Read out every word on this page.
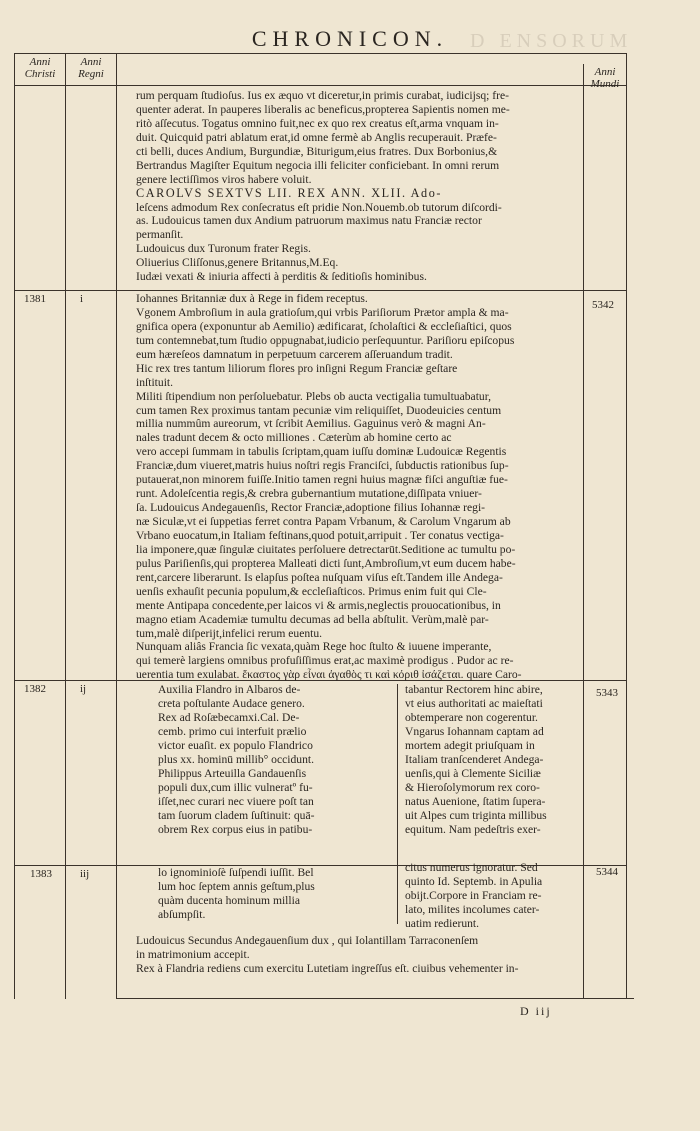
D ENSORUM
CHRONICON.
Anni
Christi
Anni
Regni	Anni
Mundi
rum perquam ſtudioſus. Ius ex æquo vt diceretur,in primis curabat, iudicijsq; fre-
quenter aderat. In pauperes liberalis ac beneficus,propterea Sapientis nomen me-
ritò aſſecutus. Togatus omnino fuit,nec ex quo rex creatus eſt,arma vnquam in-
duit. Quicquid patri ablatum erat,id omne fermè ab Anglis recuperauit. Præfe-
cti belli, duces Andium, Burgundiæ, Biturigum,eius fratres. Dux Borbonius,&
Bertrandus Magiſter Equitum negocia illi feliciter conficiebant. In omni rerum
genere lectiſſimos viros habere voluit.
CAROLVS SEXTVS LII. REX ANN. XLII. Ado-
leſcens admodum Rex conſecratus eſt pridie Non.Nouemb.ob tutorum diſcordi-
as. Ludouicus tamen dux Andium patruorum maximus natu Franciæ rector
permanſit.
Ludouicus dux Turonum frater Regis.
Oliuerius Cliſſonus,genere Britannus,M.Eq.
Iudæi vexati & iniuria affecti à perditis & ſeditioſis hominibus.
1381	i	5342
Iohannes Britanniæ dux à Rege in fidem receptus.
Vgonem Ambroſium in aula gratioſum,qui vrbis Pariſiorum Prætor ampla & ma-
gnifica opera (exponuntur ab Aemilio) ædificarat, ſcholaſtici & eccleſiaſtici, quos
tum contemnebat,tum ſtudio oppugnabat,iudicio perſequuntur. Pariſioru epiſcopus
eum hæreſeos damnatum in perpetuum carcerem aſſeruandum tradit.
Hic rex tres tantum liliorum flores pro inſigni Regum Franciæ geſtare
inſtituit.
Militi ſtipendium non perſoluebatur. Plebs ob aucta vectigalia tumultuabatur,
cum tamen Rex proximus tantam pecuniæ vim reliquiſſet, Duodeuicies centum
millia nummûm aureorum, vt ſcribit Aemilius. Gaguinus verò & magni An-
nales tradunt decem & octo milliones . Cæterùm ab homine certo ac
vero accepi ſummam in tabulis ſcriptam,quam iuſſu dominæ Ludouicæ Regentis
Franciæ,dum viueret,matris huius noſtri regis Franciſci, ſubductis rationibus ſup-
putauerat,non minorem fuiſſe.Initio tamen regni huius magnæ fiſci anguſtiæ fue-
runt. Adoleſcentia regis,& crebra gubernantium mutatione,diſſipata vniuer-
ſa. Ludouicus Andegauenſis, Rector Franciæ,adoptione filius Iohannæ regi-
næ Siculæ,vt ei ſuppetias ferret contra Papam Vrbanum, & Carolum Vngarum ab
Vrbano euocatum,in Italiam feſtinans,quod potuit,arripuit . Ter conatus vectiga-
lia imponere,quæ ſingulæ ciuitates perſoluere detrectarūt.Seditione ac tumultu po-
pulus Pariſienſis,qui propterea Malleati dicti ſunt,Ambroſium,vt eum ducem habe-
rent,carcere liberarunt. Is elapſus poſtea nuſquam viſus eſt.Tandem ille Andega-
uenſis exhauſit pecunia populum,& eccleſiaſticos. Primus enim fuit qui Cle-
mente Antipapa concedente,per laicos vi & armis,neglectis prouocationibus, in
magno etiam Academiæ tumultu decumas ad bella abſtulit. Verùm,malè par-
tum,malè diſperijt,infelici rerum euentu.
Nunquam aliâs Francia ſic vexata,quàm Rege hoc ſtulto & iuuene imperante,
qui temerè largiens omnibus profuſiſſimus erat,ac maximè prodigus . Pudor ac re-
uerentia tum exulabat. ἔκαστος γὰρ εἶναι ἀγαθὸς τι καὶ κόριθ ἰσάζεται. quare Caro-
1382	ij	5343
Auxilia Flandro in Albaros de-
creta poſtulante Audace genero.
Rex ad Roſæbecamxi.Cal. De-
cemb. primo cui interfuit prælio
victor euaſit. ex populo Flandrico
plus xx. hominū millib° occidunt.
Philippus Arteuilla Gandauenſis
populi dux,cum illic vulneratº fu-
iſſet,nec curari nec viuere poſt tan
tam ſuorum cladem ſuſtinuit: quā-
obrem Rex corpus eius in patibu-
tabantur Rectorem hinc abire,
vt eius authoritati ac maieſtati
obtemperare non cogerentur.
Vngarus Iohannam captam ad
mortem adegit priuſquam in
Italiam tranſcenderet Andega-
uenſis,qui à Clemente Siciliæ
& Hieroſolymorum rex coro-
natus Auenione, ſtatim ſupera-
uit Alpes cum triginta millibus
equitum. Nam pedeſtris exer-
1383	iij	5344
lo ignominioſè ſuſpendi iuſſit. Bel
lum hoc ſeptem annis geſtum,plus
quàm ducenta hominum millia
abſumpſit.
citus numerus ignoratur. Sed
quinto Id. Septemb. in Apulia
obijt.Corpore in Franciam re-
lato, milites incolumes cater-
uatim redierunt.
Ludouicus Secundus Andegauenſium dux , qui Iolantillam Tarraconenſem
in matrimonium accepit.
Rex à Flandria rediens cum exercitu Lutetiam ingreſſus eſt. ciuibus vehementer in-
D iij
